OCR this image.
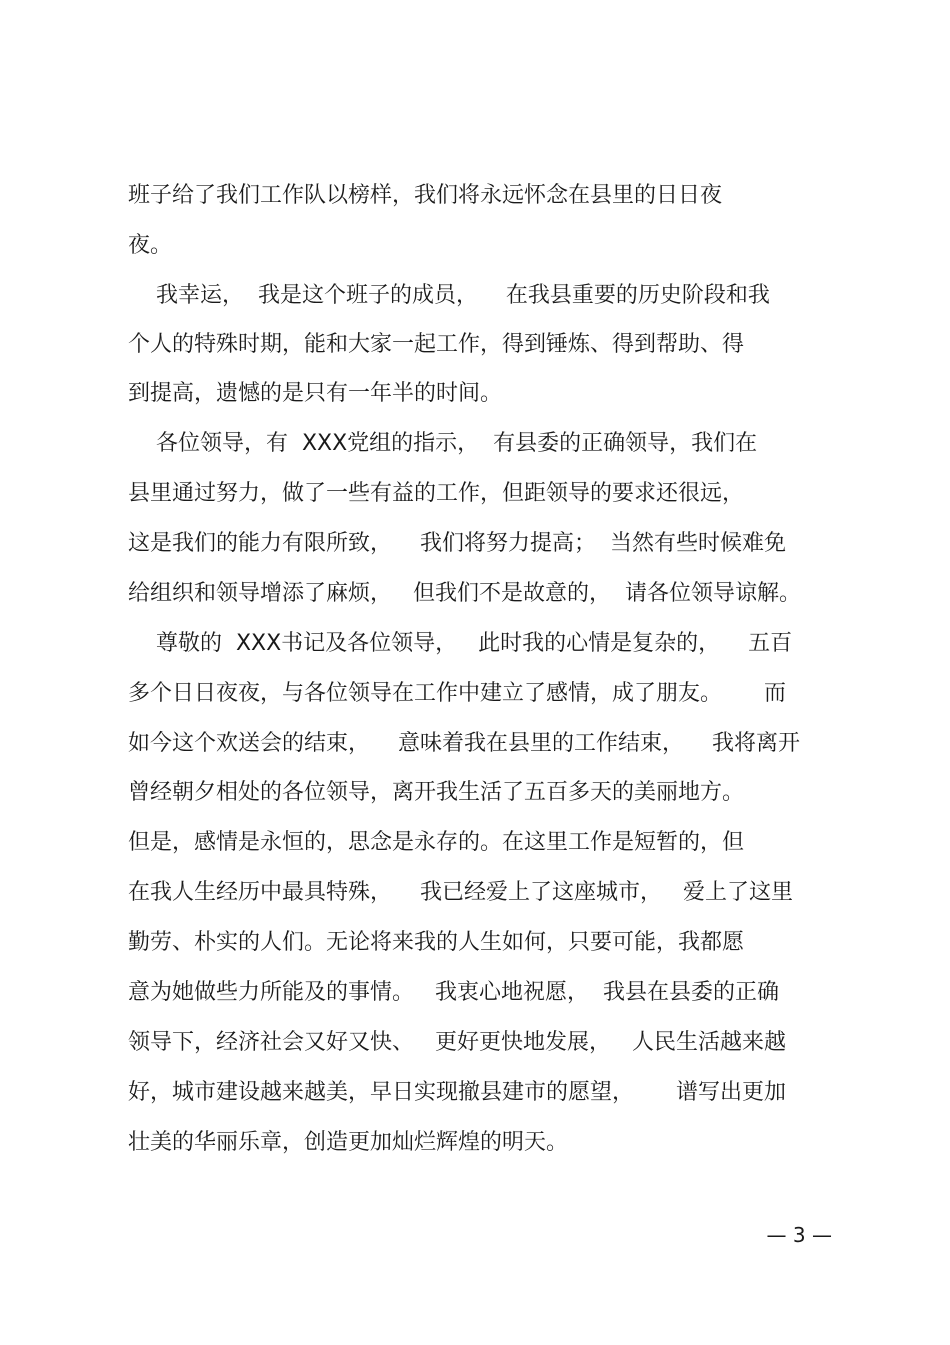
班子给了我们工作队以榜样，我们将永远怀念在县里的日日夜
夜。
我幸运，  我是这个班子的成员，    在我县重要的历史阶段和我
个人的特殊时期，能和大家一起工作，得到锤炼、得到帮助、得
到提高，遗憾的是只有一年半的时间。
各位领导，有  XXX党组的指示，  有县委的正确领导，我们在
县里通过努力，做了一些有益的工作，但距领导的要求还很远，
这是我们的能力有限所致，    我们将努力提高；  当然有些时候难免
给组织和领导增添了麻烦，   但我们不是故意的，  请各位领导谅解。
尊敬的  XXX书记及各位领导，   此时我的心情是复杂的，    五百
多个日日夜夜，与各位领导在工作中建立了感情，成了朋友。      而
如今这个欢送会的结束，    意味着我在县里的工作结束，    我将离开
曾经朝夕相处的各位领导，离开我生活了五百多天的美丽地方。
但是，感情是永恒的，思念是永存的。在这里工作是短暂的，但
在我人生经历中最具特殊，    我已经爱上了这座城市，   爱上了这里
勤劳、朴实的人们。无论将来我的人生如何，只要可能，我都愿
意为她做些力所能及的事情。   我衷心地祝愿，  我县在县委的正确
领导下，经济社会又好又快、   更好更快地发展，   人民生活越来越
好，城市建设越来越美，早日实现撤县建市的愿望，      谱写出更加
壮美的华丽乐章，创造更加灿烂辉煌的明天。
— 3 —
